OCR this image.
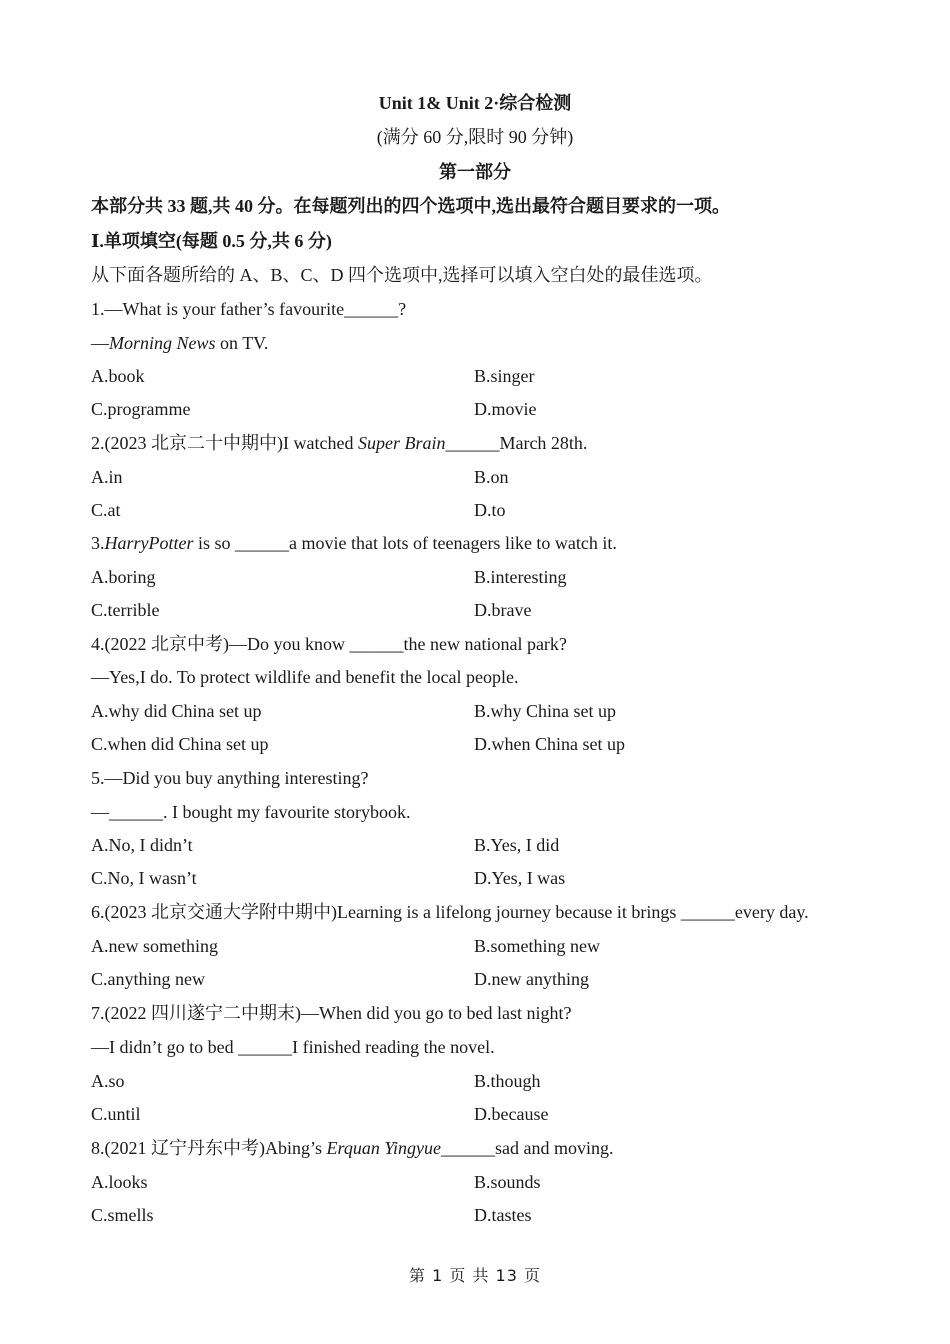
Unit 1& Unit 2·综合检测
(满分 60 分,限时 90 分钟)
第一部分
本部分共 33 题,共 40 分。在每题列出的四个选项中,选出最符合题目要求的一项。
Ⅰ.单项填空(每题 0.5 分,共 6 分)
从下面各题所给的 A、B、C、D 四个选项中,选择可以填入空白处的最佳选项。
1.—What is your father’s favourite______?
—Morning News on TV.
A.book	B.singer
C.programme	D.movie
2.(2023 北京二十中期中)I watched Super Brain______March 28th.
A.in	B.on
C.at	D.to
3.HarryPotter is so ______a movie that lots of teenagers like to watch it.
A.boring	B.interesting
C.terrible	D.brave
4.(2022 北京中考)—Do you know ______the new national park?
—Yes,I do. To protect wildlife and benefit the local people.
A.why did China set up	B.why China set up
C.when did China set up	D.when China set up
5.—Did you buy anything interesting?
—______. I bought my favourite storybook.
A.No, I didn’t	B.Yes, I did
C.No, I wasn’t	D.Yes, I was
6.(2023 北京交通大学附中期中)Learning is a lifelong journey because it brings ______every day.
A.new something	B.something new
C.anything new	D.new anything
7.(2022 四川遂宁二中期末)—When did you go to bed last night?
—I didn’t go to bed ______I finished reading the novel.
A.so	B.though
C.until	D.because
8.(2021 辽宁丹东中考)Abing’s Erquan Yingyue______sad and moving.
A.looks	B.sounds
C.smells	D.tastes
第 1 页 共 13 页
